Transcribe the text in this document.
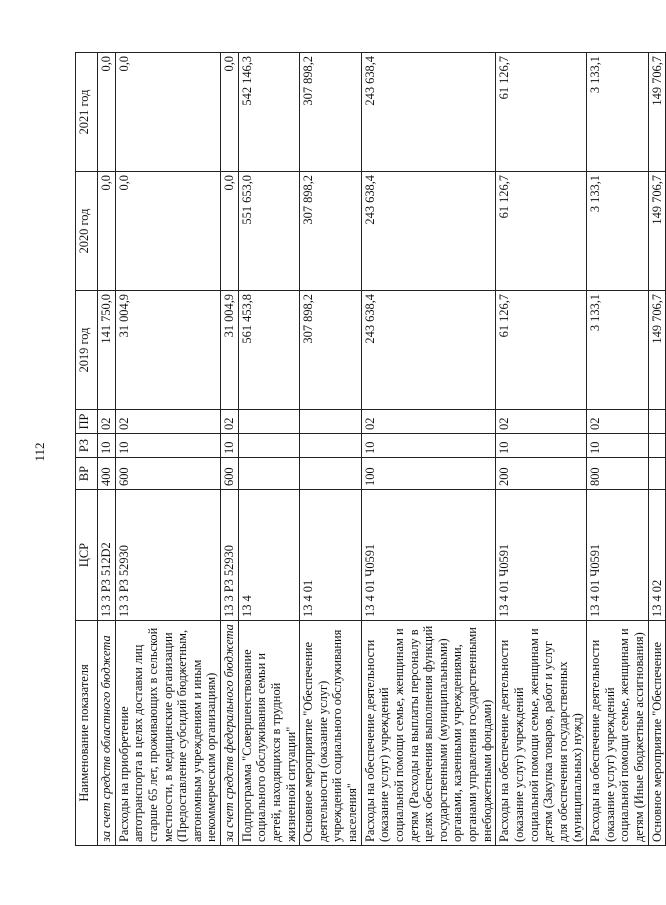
112
Наименование показателя	ЦСР	ВР	РЗ	ПР	2019 год	2020 год	2021 год
за счет средств областного бюджета	13 3 P3 512D2	400	10	02	141 750,0	0,0	0,0
Расходы на приобретение автотранспорта в целях доставки лиц старше 65 лет, проживающих в сельской местности, в медицинские организации (Предоставление субсидий бюджетным, автономным учреждениям и иным некоммерческим организациям)	13 3 P3 52930	600	10	02	31 004,9	0,0	0,0
за счет средств федерального бюджета	13 3 P3 52930	600	10	02	31 004,9	0,0	0,0
Подпрограмма "Совершенствование социального обслуживания семьи и детей, находящихся в трудной жизненной ситуации"	13 4				561 453,8	551 653,0	542 146,3
Основное мероприятие "Обеспечение деятельности (оказание услуг) учреждений социального обслуживания населения"	13 4 01				307 898,2	307 898,2	307 898,2
Расходы на обеспечение деятельности (оказание услуг) учреждений социальной помощи семье, женщинам и детям (Расходы на выплаты персоналу в целях обеспечения выполнения функций государственными (муниципальными) органами, казенными учреждениями, органами управления государственными внебюджетными фондами)	13 4 01 Ч0591	100	10	02	243 638,4	243 638,4	243 638,4
Расходы на обеспечение деятельности (оказание услуг) учреждений социальной помощи семье, женщинам и детям (Закупка товаров, работ и услуг для обеспечения государственных (муниципальных) нужд)	13 4 01 Ч0591	200	10	02	61 126,7	61 126,7	61 126,7
Расходы на обеспечение деятельности (оказание услуг) учреждений социальной помощи семье, женщинам и детям (Иные бюджетные ассигнования)	13 4 01 Ч0591	800	10	02	3 133,1	3 133,1	3 133,1
Основное мероприятие "Обеспечение	13 4 02				149 706,7	149 706,7	149 706,7
